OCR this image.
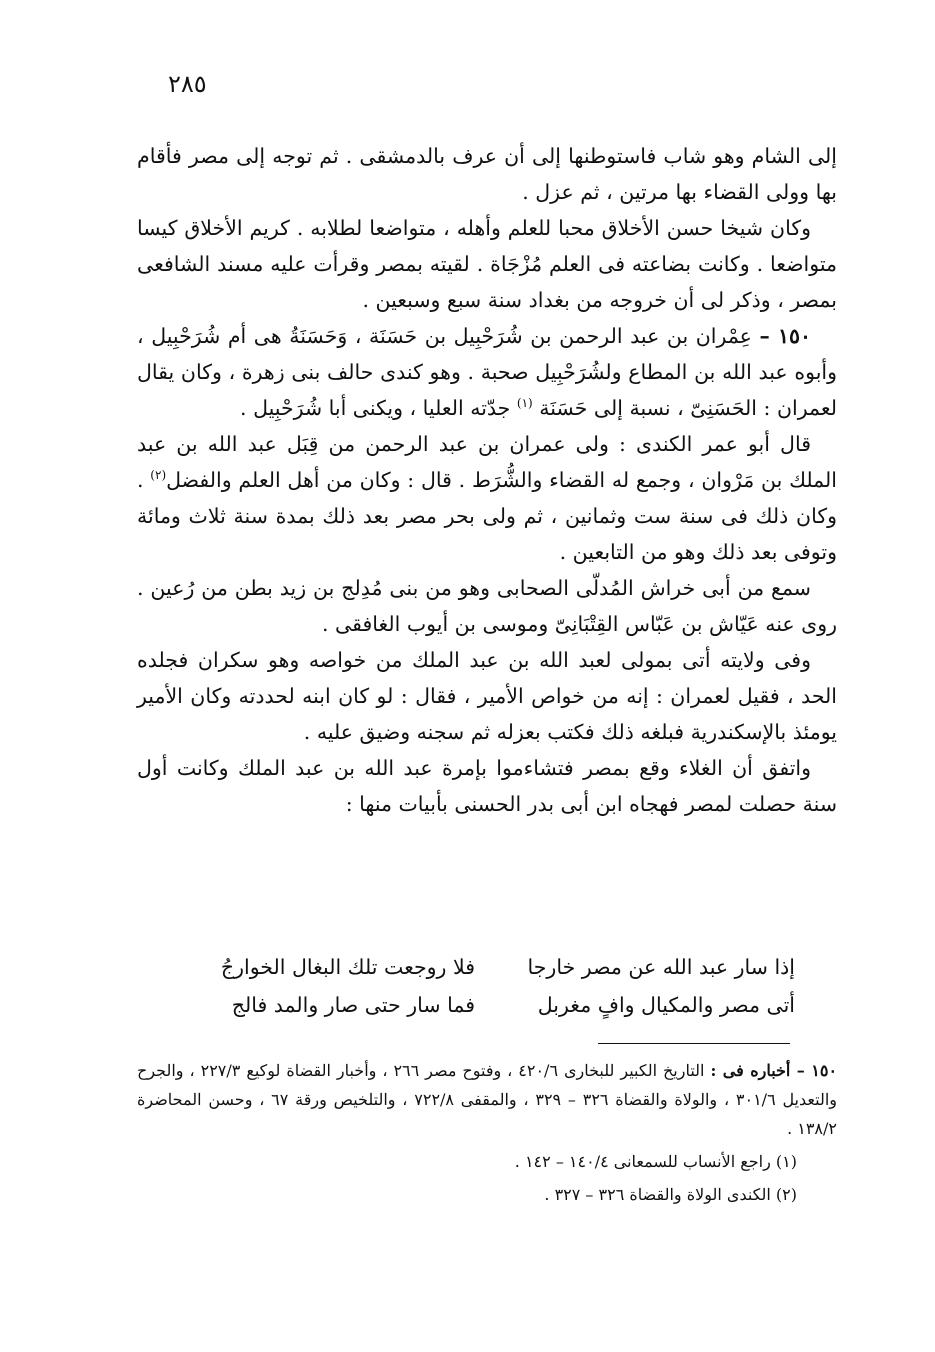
٢٨٥

إلى الشام وهو شاب فاستوطنها إلى أن عرف بالدمشقى . ثم توجه إلى مصر فأقام بها وولى القضاء بها مرتين ، ثم عزل .

وكان شيخا حسن الأخلاق محبا للعلم وأهله ، متواضعا لطلابه . كريم الأخلاق كيسا متواضعا . وكانت بضاعته فى العلم مُزْجَاة . لقيته بمصر وقرأت عليه مسند الشافعى بمصر ، وذكر لى أن خروجه من بغداد سنة سبع وسبعين .

١٥٠ – عِمْران بن عبد الرحمن بن شُرَحْبِيل بن حَسَنَة ، وَحَسَنَةُ هى أم شُرَحْبِيل ، وأبوه عبد الله بن المطاع ولشُرَحْبِيل صحبة . وهو كندى حالف بنى زهرة ، وكان يقال لعمران : الحَسَنِىّ ، نسبة إلى حَسَنَة $^{(١)}$ جدّته العليا ، ويكنى أبا شُرَحْبِيل .

قال أبو عمر الكندى : ولى عمران بن عبد الرحمن من قِبَل عبد الله بن عبد الملك بن مَرْوان ، وجمع له القضاء والشُّرَط . قال : وكان من أهل العلم والفضل$^{(٢)}$ . وكان ذلك فى سنة ست وثمانين ، ثم ولى بحر مصر بعد ذلك بمدة سنة ثلاث ومائة وتوفى بعد ذلك وهو من التابعين .

سمع من أبى خراش المُدلّى الصحابى وهو من بنى مُدِلج بن زيد بطن من رُعين . روى عنه عَيّاش بن عَبّاس القِتْبَانِىّ وموسى بن أيوب الغافقى .

وفى ولايته أتى بمولى لعبد الله بن عبد الملك من خواصه وهو سكران فجلده الحد ، فقيل لعمران : إنه من خواص الأمير ، فقال : لو كان ابنه لحددته وكان الأمير يومئذ بالإسكندرية فبلغه ذلك فكتب بعزله ثم سجنه وضيق عليه .

واتفق أن الغلاء وقع بمصر فتشاءموا بإمرة عبد الله بن عبد الملك وكانت أول سنة حصلت لمصر فهجاه ابن أبى بدر الحسنى بأبيات منها :

إذا سار عبد الله عن مصر خارجا
فلا روجعت تلك البغال الخوارجُ
أتى مصر والمكيال وافٍ مغربل
فما سار حتى صار والمد فالج

١٥٠ – أخباره فى : التاريخ الكبير للبخارى ٤٢٠/٦ ، وفتوح مصر ٢٦٦ ، وأخبار القضاة لوكيع ٢٢٧/٣ ، والجرح والتعديل ٣٠١/٦ ، والولاة والقضاة ٣٢٦ – ٣٢٩ ، والمقفى ٧٢٢/٨ ، والتلخيص ورقة ٦٧ ، وحسن المحاضرة ١٣٨/٢ .

(١) راجع الأنساب للسمعانى ١٤٠/٤ – ١٤٢ .

(٢) الكندى الولاة والقضاة ٣٢٦ – ٣٢٧ .
